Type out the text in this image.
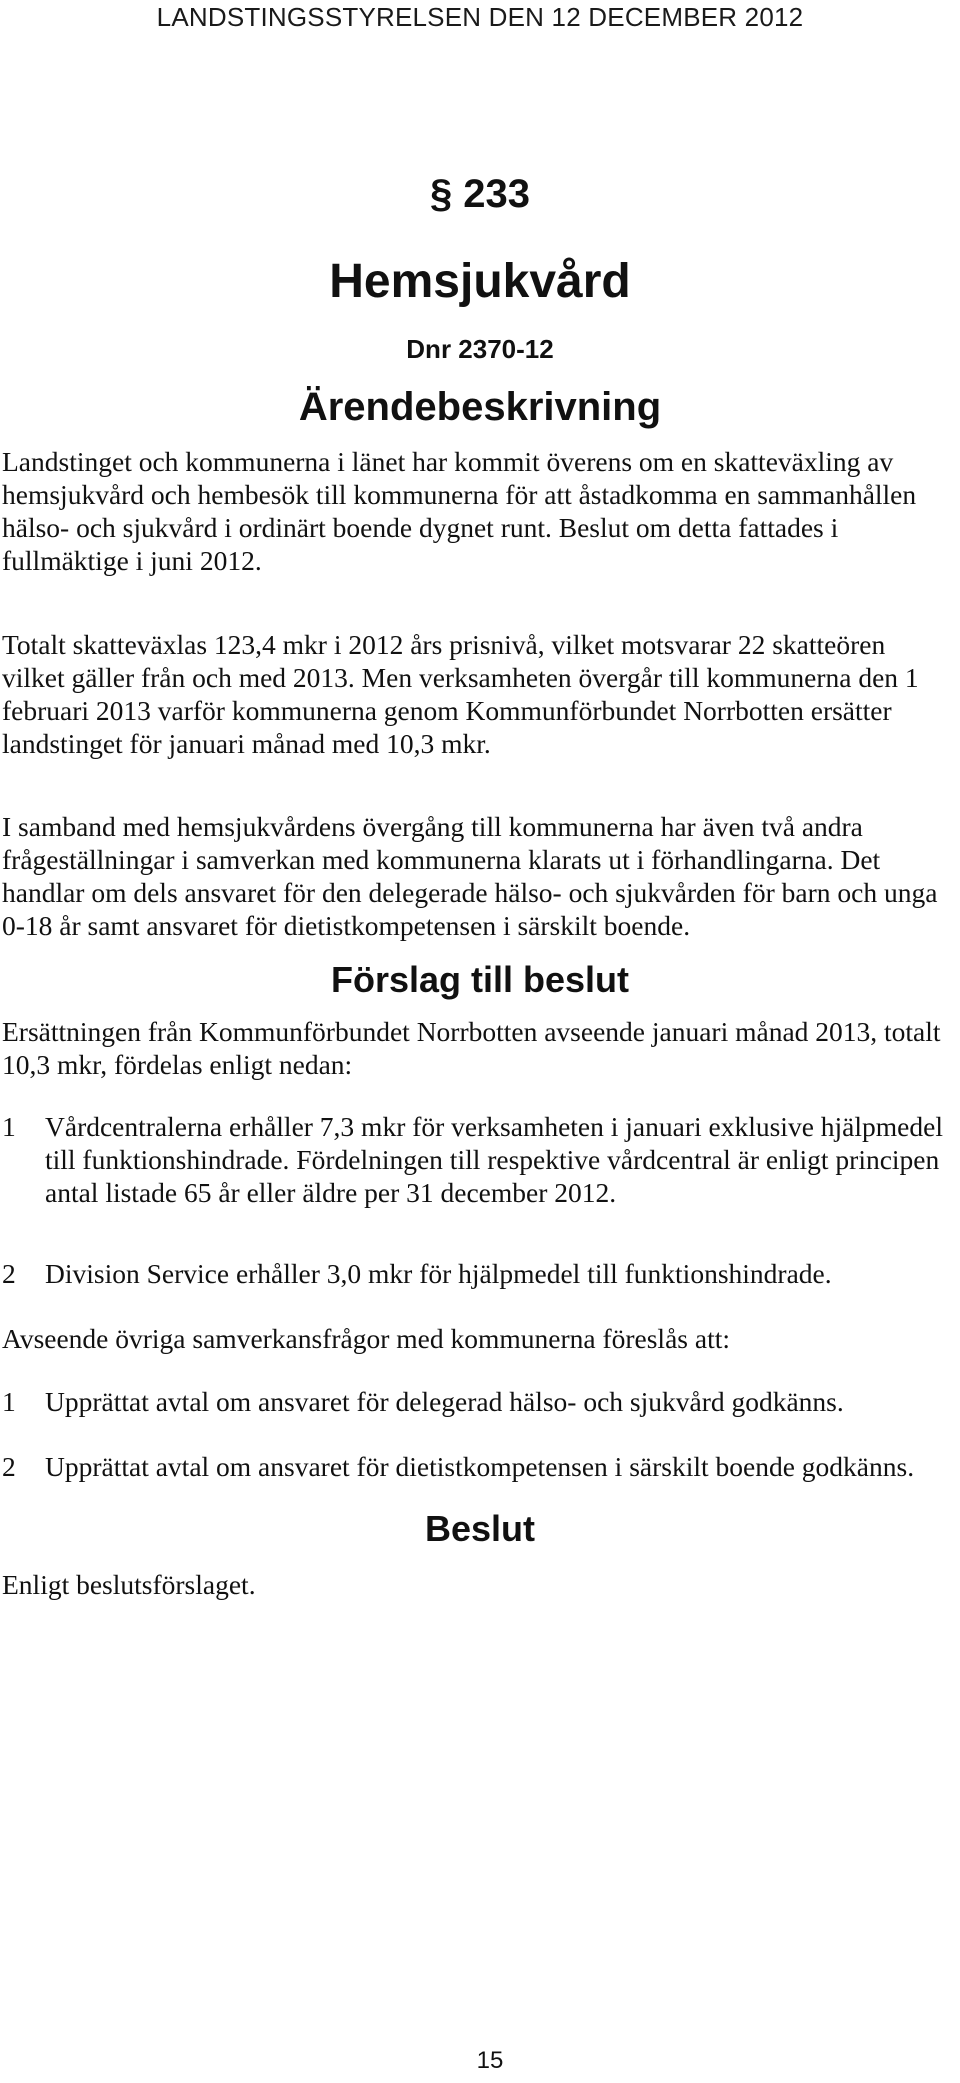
LANDSTINGSSTYRELSEN DEN 12 DECEMBER 2012
§ 233
Hemsjukvård
Dnr 2370-12
Ärendebeskrivning

Landstinget och kommunerna i länet har kommit överens om en skatteväxling av hemsjukvård och hembesök till kommunerna för att åstadkomma en sammanhållen hälso- och sjukvård i ordinärt boende dygnet runt. Beslut om detta fattades i fullmäktige i juni 2012.

Totalt skatteväxlas 123,4 mkr i 2012 års prisnivå, vilket motsvarar 22 skatteören vilket gäller från och med 2013. Men verksamheten övergår till kommunerna den 1 februari 2013 varför kommunerna genom Kommunförbundet Norrbotten ersätter landstinget för januari månad med 10,3 mkr.

I samband med hemsjukvårdens övergång till kommunerna har även två andra frågeställningar i samverkan med kommunerna klarats ut i förhandlingarna. Det handlar om dels ansvaret för den delegerade hälso- och sjukvården för barn och unga 0-18 år samt ansvaret för dietistkompetensen i särskilt boende.

Förslag till beslut

Ersättningen från Kommunförbundet Norrbotten avseende januari månad 2013, totalt 10,3 mkr, fördelas enligt nedan:

1 Vårdcentralerna erhåller 7,3 mkr för verksamheten i januari exklusive hjälpmedel till funktionshindrade. Fördelningen till respektive vårdcentral är enligt principen antal listade 65 år eller äldre per 31 december 2012.
2 Division Service erhåller 3,0 mkr för hjälpmedel till funktionshindrade.

Avseende övriga samverkansfrågor med kommunerna föreslås att:

1 Upprättat avtal om ansvaret för delegerad hälso- och sjukvård godkänns.
2 Upprättat avtal om ansvaret för dietistkompetensen i särskilt boende godkänns.
Beslut

Enligt beslutsförslaget.

15
